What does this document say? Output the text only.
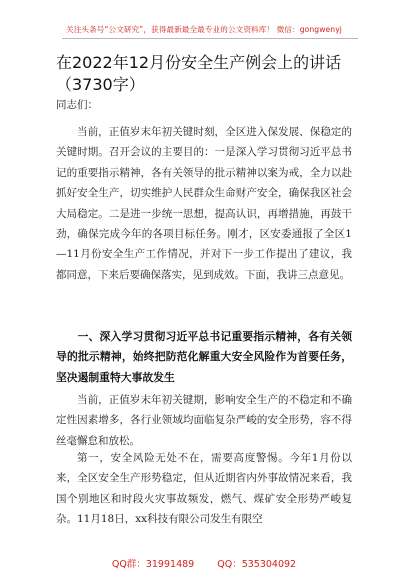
关注头条号“公文研究”，获得最新最全最专业的公文资料库！ 微信：gongwenyj
在2022年12月份安全生产例会上的讲话
（3730字）
同志们：
当前，正值岁末年初关键时刻，全区进入保发展、保稳定的关键时期。召开会议的主要目的：一是深入学习贯彻习近平总书记的重要指示精神，各有关领导的批示精神以案为戒，全力以赴抓好安全生产，切实维护人民群众生命财产安全，确保我区社会大局稳定。二是进一步统一思想，提高认识，再增措施，再鼓干劲，确保完成今年的各项目标任务。刚才，区安委通报了全区1—11月份安全生产工作情况，并对下一步工作提出了建议，我都同意，下来后要确保落实，见到成效。下面，我讲三点意见。
一、深入学习贯彻习近平总书记重要指示精神，各有关领导的批示精神，始终把防范化解重大安全风险作为首要任务，坚决遏制重特大事故发生
当前，正值岁末年初关键期，影响安全生产的不稳定和不确定性因素增多，各行业领域均面临复杂严峻的安全形势，容不得丝毫懈怠和放松。
第一，安全风险无处不在，需要高度警惕。今年1月份以来，全区安全生产形势稳定，但从近期省内外事故情况来看，我国个别地区和时段火灾事故频发，燃气、煤矿安全形势严峻复杂。11月18日，xx科技有限公司发生有限空
QQ群：31991489 QQ：535304092
